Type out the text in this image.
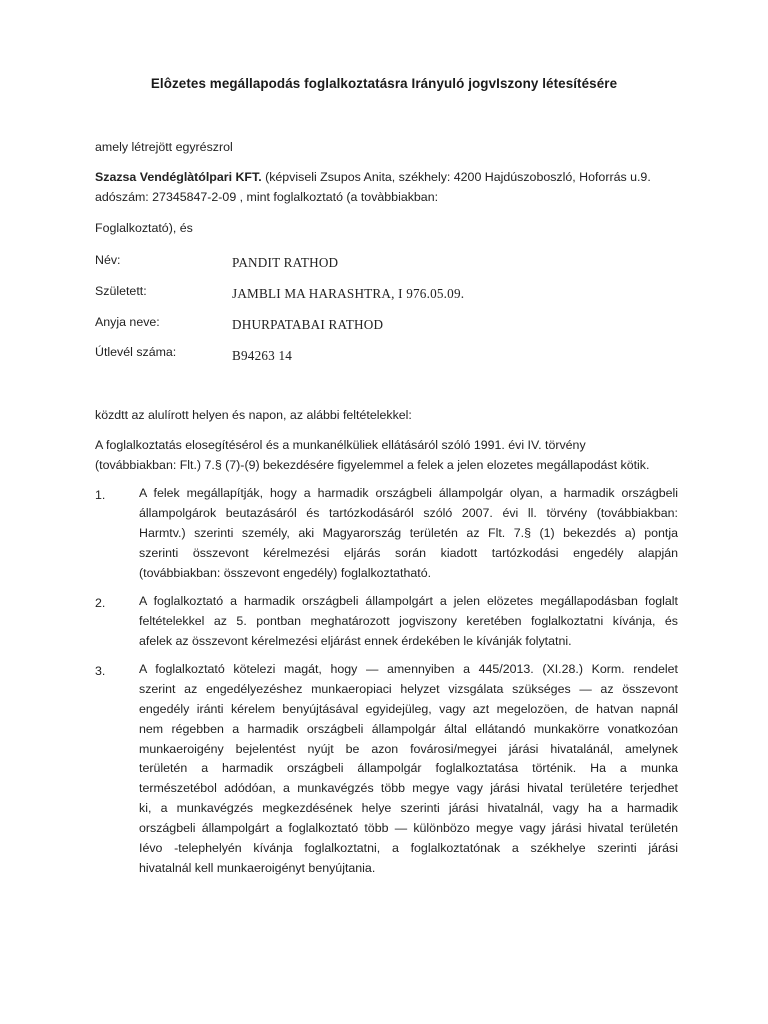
Elôzetes megállapodás foglalkoztatásra Irányuló jogvIszony létesítésére
amely létrejött egyrészrol
Szazsa Vendéglàtólpari KFT. (képviseli Zsupos Anita, székhely: 4200 Hajdúszoboszló, Hoforrás u.9.
adószám: 27345847-2-09 , mint foglalkoztató (a tovàbbiakban:
Foglalkoztató), és
Név:	PANDIT RATHOD
Született:	JAMBLI MA HARASHTRA, I 976.05.09.
Anyja neve:	DHURPATABAI RATHOD
Útlevél száma:	B94263 14
közdtt az alulírott helyen és napon, az alábbi feltételekkel:
A foglalkoztatás elosegítésérol és a munkanélküliek ellátásáról szóló 1991. évi IV. törvény
(továbbiakban: Flt.) 7.§ (7)-(9) bekezdésére figyelemmel a felek a jelen elozetes megállapodást kötik.
1.	A felek megállapítják, hogy a harmadik országbeli állampolgár olyan, a harmadik országbeli
állampolgárok beutazásáról és tartózkodásáról szóló 2007. évi ll. törvény (továbbiakban:
Harmtv.) szerinti személy, aki Magyarország területén az Flt. 7.§ (1) bekezdés a) pontja
szerinti összevont kérelmezési eljárás során kiadott tartózkodási engedély alapján
(továbbiakban: összevont engedély) foglalkoztatható.
2.	A foglalkoztató a harmadik országbeli állampolgárt a jelen elözetes megállapodásban foglalt
feltételekkel az 5. pontban meghatározott jogviszony keretében foglalkoztatni kívánja, és
afelek az összevont kérelmezési eljárást ennek érdekében le kívánják folytatni.
3.	A foglalkoztató kötelezi magát, hogy — amennyiben a 445/2013. (XI.28.) Korm. rendelet
szerint az engedélyezéshez munkaeropiaci helyzet vizsgálata szükséges — az összevont
engedély iránti kérelem benyújtásával egyidejüleg, vagy azt megelozöen, de hatvan napnál
nem régebben a harmadik országbeli állampolgár által ellátandó munkakörre vonatkozóan
munkaeroigény bejelentést nyújt be azon fovárosi/megyei járási hivatalánál, amelynek
területén a harmadik országbeli állampolgár foglalkoztatása történik. Ha a munka
természetébol adódóan, a munkavégzés több megye vagy járási hivatal területére terjedhet
ki, a munkavégzés megkezdésének helye szerinti járási hivatalnál, vagy ha a harmadik
országbeli állampolgárt a foglalkoztató több — különbözo megye vagy járási hivatal területén
Iévo -telephelyén kívánja foglalkoztatni, a foglalkoztatónak a székhelye szerinti járási
hivatalnál kell munkaeroigényt benyújtania.
